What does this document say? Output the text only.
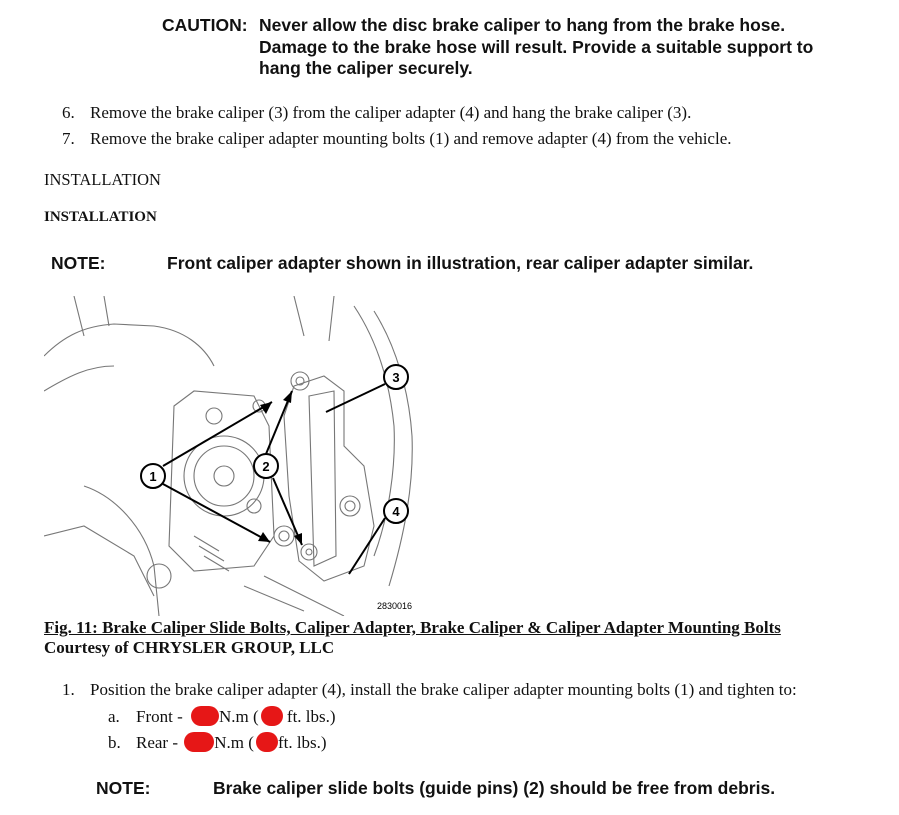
CAUTION: Never allow the disc brake caliper to hang from the brake hose.
Damage to the brake hose will result. Provide a suitable support to
hang the caliper securely.
6. Remove the brake caliper (3) from the caliper adapter (4) and hang the brake caliper (3).
7. Remove the brake caliper adapter mounting bolts (1) and remove adapter (4) from the vehicle.
INSTALLATION
INSTALLATION
NOTE:	Front caliper adapter shown in illustration, rear caliper adapter similar.
1
2
3
4
2830016
Fig. 11: Brake Caliper Slide Bolts, Caliper Adapter, Brake Caliper & Caliper Adapter Mounting Bolts
Courtesy of CHRYSLER GROUP, LLC
1. Position the brake caliper adapter (4), install the brake caliper adapter mounting bolts (1) and tighten to:
a. Front - N.m ( ft. lbs.)
b. Rear - N.m ( ft. lbs.)
NOTE:	Brake caliper slide bolts (guide pins) (2) should be free from debris.
